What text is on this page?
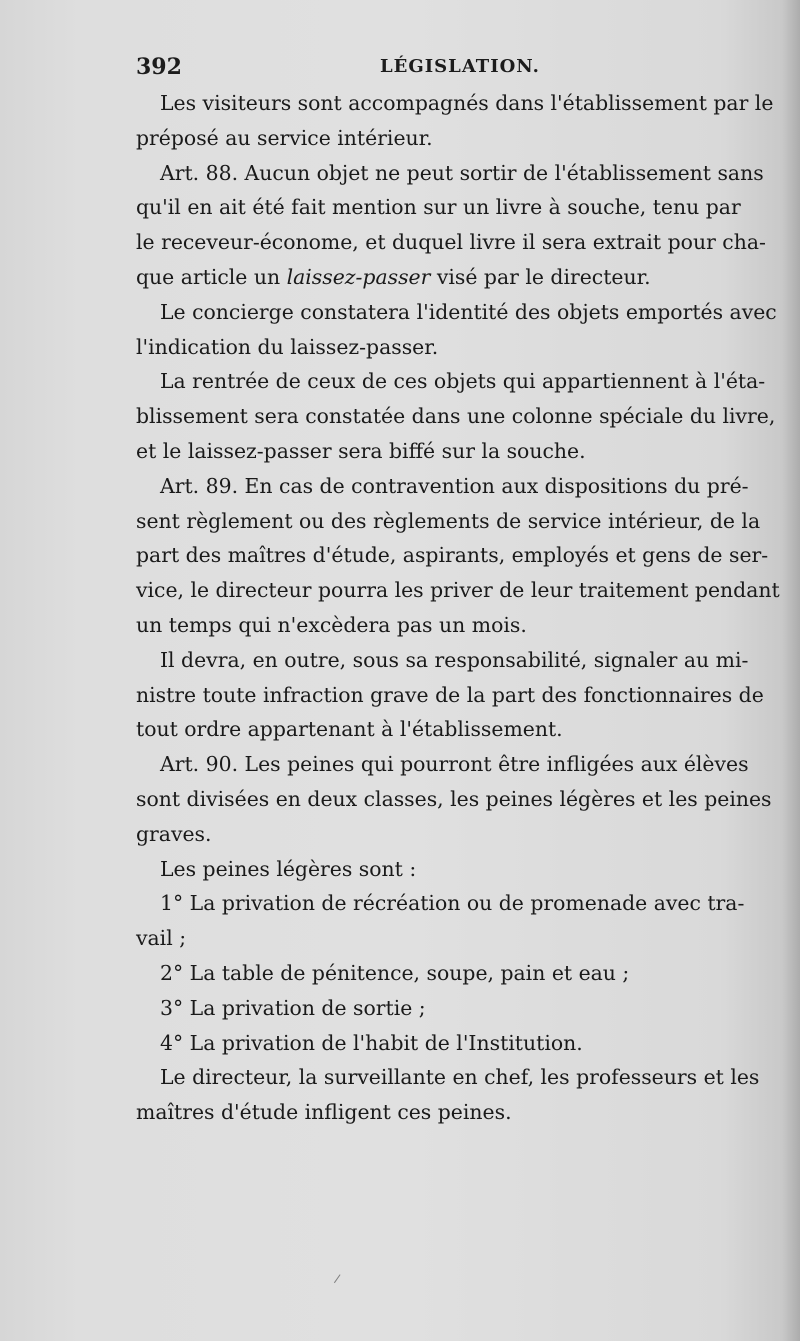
392	LÉGISLATION.
Les visiteurs sont accompagnés dans l'établissement par le
préposé au service intérieur.
Art. 88. Aucun objet ne peut sortir de l'établissement sans
qu'il en ait été fait mention sur un livre à souche, tenu par
le receveur-économe, et duquel livre il sera extrait pour cha-
que article un laissez-passer visé par le directeur.
Le concierge constatera l'identité des objets emportés avec
l'indication du laissez-passer.
La rentrée de ceux de ces objets qui appartiennent à l'éta-
blissement sera constatée dans une colonne spéciale du livre,
et le laissez-passer sera biffé sur la souche.
Art. 89. En cas de contravention aux dispositions du pré-
sent règlement ou des règlements de service intérieur, de la
part des maîtres d'étude, aspirants, employés et gens de ser-
vice, le directeur pourra les priver de leur traitement pendant
un temps qui n'excèdera pas un mois.
Il devra, en outre, sous sa responsabilité, signaler au mi-
nistre toute infraction grave de la part des fonctionnaires de
tout ordre appartenant à l'établissement.
Art. 90. Les peines qui pourront être infligées aux élèves
sont divisées en deux classes, les peines légères et les peines
graves.
Les peines légères sont :
1° La privation de récréation ou de promenade avec tra-
vail ;
2° La table de pénitence, soupe, pain et eau ;
3° La privation de sortie ;
4° La privation de l'habit de l'Institution.
Le directeur, la surveillante en chef, les professeurs et les
maîtres d'étude infligent ces peines.
